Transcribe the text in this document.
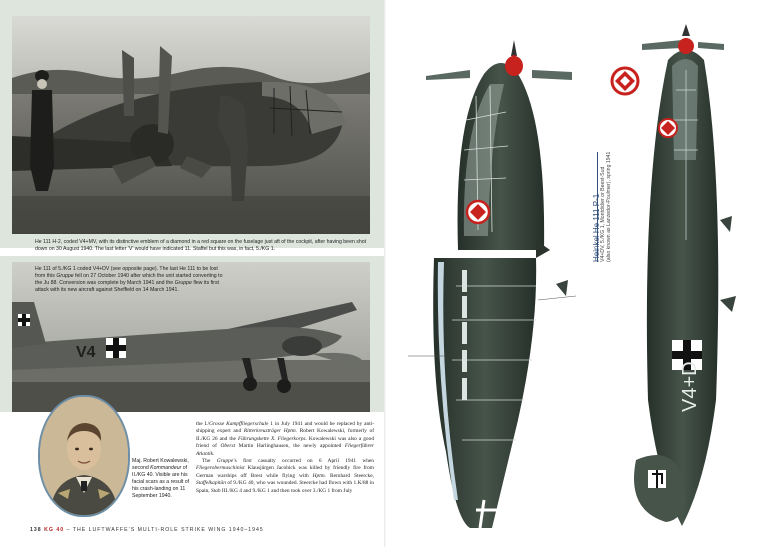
He 111 H-2, coded V4+MV, with its distinctive emblem of a diamond in a red square on the fuselage just aft of the cockpit, after having been shot down on 30 August 1940. The last letter ‘V’ would have indicated 11. Staffel but this was, in fact, 5./KG 1.
V4
He 111 of 5./KG 1 coded V4+DV (see opposite page). The last He 111 to be lost from this Gruppe fell on 27 October 1940 after which the unit started converting to the Ju 88. Conversion was complete by March 1941 and the Gruppe flew its first attack with its new aircraft against Sheffield on 14 March 1941.
Maj. Robert Kowalewski, second Kommandeur of II./KG 40. Visible are his facial scars as a result of his crash-landing on 11 September 1940.

the I./Grosse Kampffliegerschule 1 in July 1941 and would be replaced by anti-shipping expert and Ritterkreuzträger Hptm. Robert Kowalewski, formerly of II./KG 26 and the Führungskette X. Fliegerkorps. Kowalewski was also a good friend of Oberst Martin Harlinghausen, the newly appointed Fliegerführer Atlantik.

The Gruppe’s first casualty occurred on 6 April 1941 when Fliegerobermaschinist Klausjürgen Jacobick was killed by friendly fire from German warships off Brest while flying with Hptm. Bernhard Steercke, Staffelkapitän of 9./KG 40, who was wounded. Steercke had flown with 1.K/88 in Spain, Stab III./KG 4 and 9./KG 1 and then took over 3./KG 1 from July

138 KG 40 – THE LUFTWAFFE’S MULTI-ROLE STRIKE WING 1940–1945
V4+D
Heinkel He 111 P-1 V4+DV, 5./KG 1, Montdidier or Beest-Sud (also known as Lanzedor-Poulmer), spring 1941
